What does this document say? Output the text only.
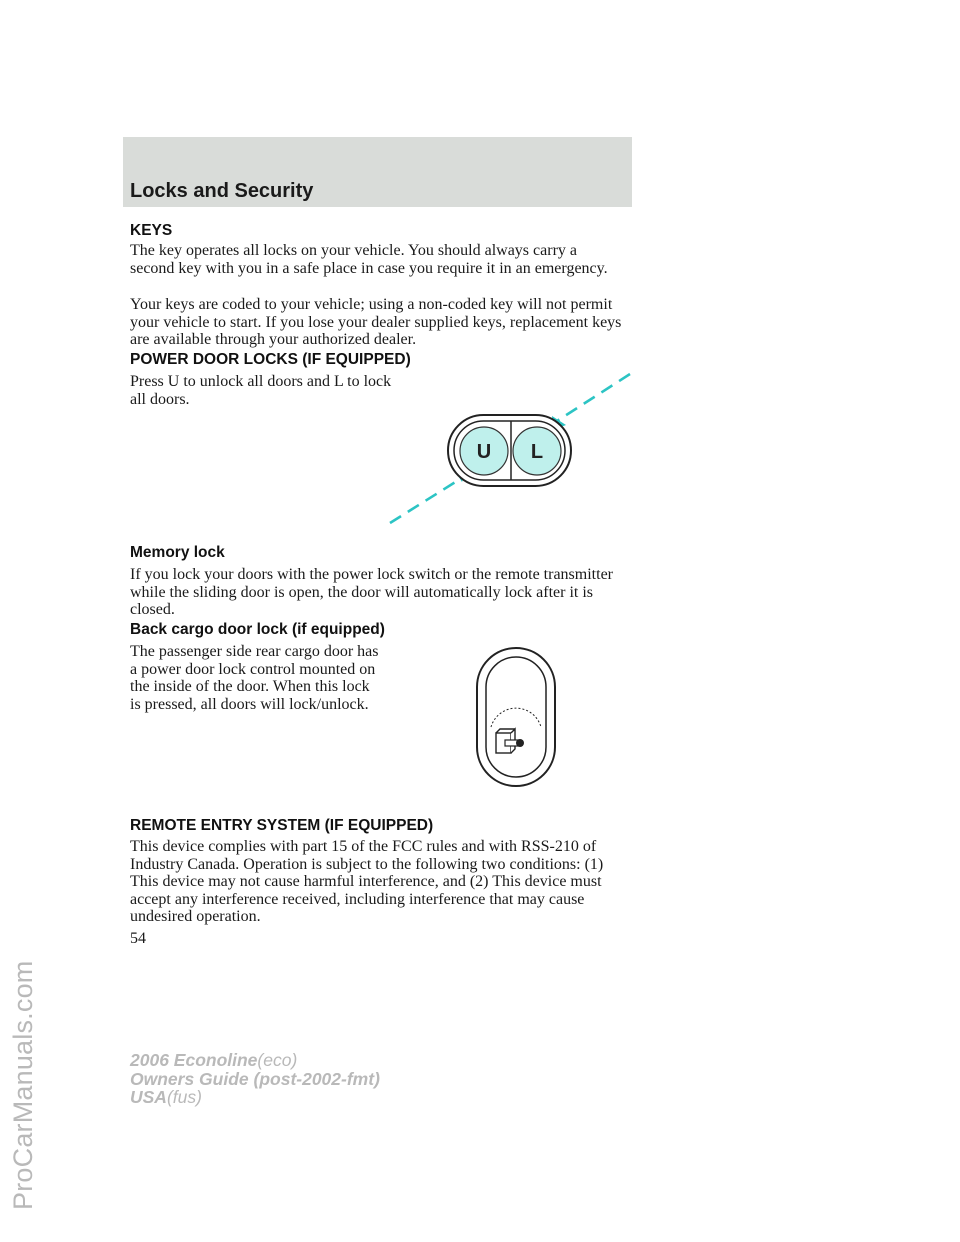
ProCarManuals.com
Locks and Security

KEYS

The key operates all locks on your vehicle. You should always carry a second key with you in a safe place in case you require it in an emergency.

Your keys are coded to your vehicle; using a non-coded key will not permit your vehicle to start. If you lose your dealer supplied keys, replacement keys are available through your authorized dealer.

POWER DOOR LOCKS (IF EQUIPPED)

Press U to unlock all doors and L to lock all doors.

U L

Memory lock

If you lock your doors with the power lock switch or the remote transmitter while the sliding door is open, the door will automatically lock after it is closed.

Back cargo door lock (if equipped)

The passenger side rear cargo door has a power door lock control mounted on the inside of the door. When this lock is pressed, all doors will lock/unlock.

REMOTE ENTRY SYSTEM (IF EQUIPPED)

This device complies with part 15 of the FCC rules and with RSS-210 of Industry Canada. Operation is subject to the following two conditions: (1) This device may not cause harmful interference, and (2) This device must accept any interference received, including interference that may cause undesired operation.

54
2006 Econoline(eco)
Owners Guide (post-2002-fmt)
USA(fus)
